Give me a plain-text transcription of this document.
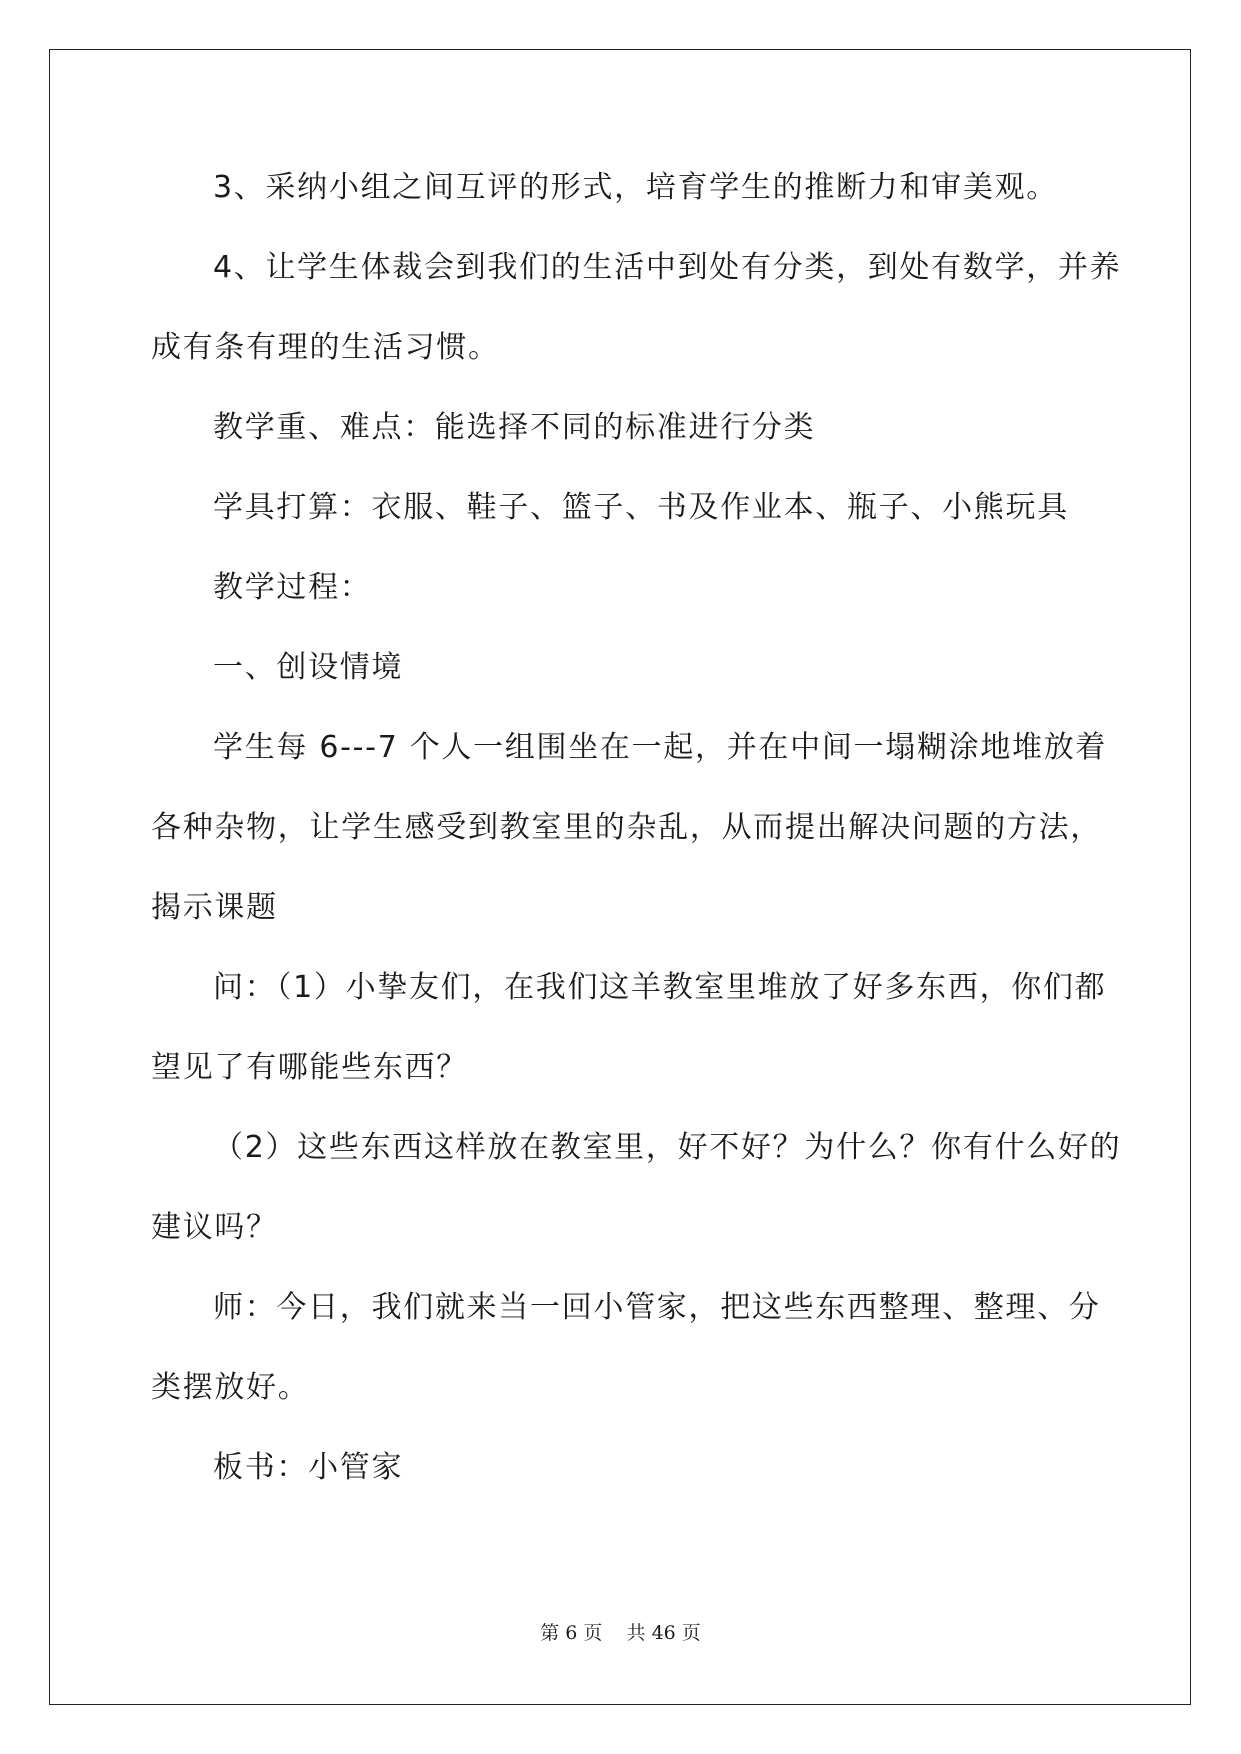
3、采纳小组之间互评的形式，培育学生的推断力和审美观。
4、让学生体裁会到我们的生活中到处有分类，到处有数学，并养
成有条有理的生活习惯。
教学重、难点：能选择不同的标准进行分类
学具打算：衣服、鞋子、篮子、书及作业本、瓶子、小熊玩具
教学过程：
一、创设情境
学生每 6---7 个人一组围坐在一起，并在中间一塌糊涂地堆放着
各种杂物，让学生感受到教室里的杂乱，从而提出解决问题的方法，
揭示课题
问：（1）小挚友们，在我们这羊教室里堆放了好多东西，你们都
望见了有哪能些东西？
（2）这些东西这样放在教室里，好不好？为什么？你有什么好的
建议吗？
师：今日，我们就来当一回小管家，把这些东西整理、整理、分
类摆放好。
板书：小管家
第 6 页    共 46 页
